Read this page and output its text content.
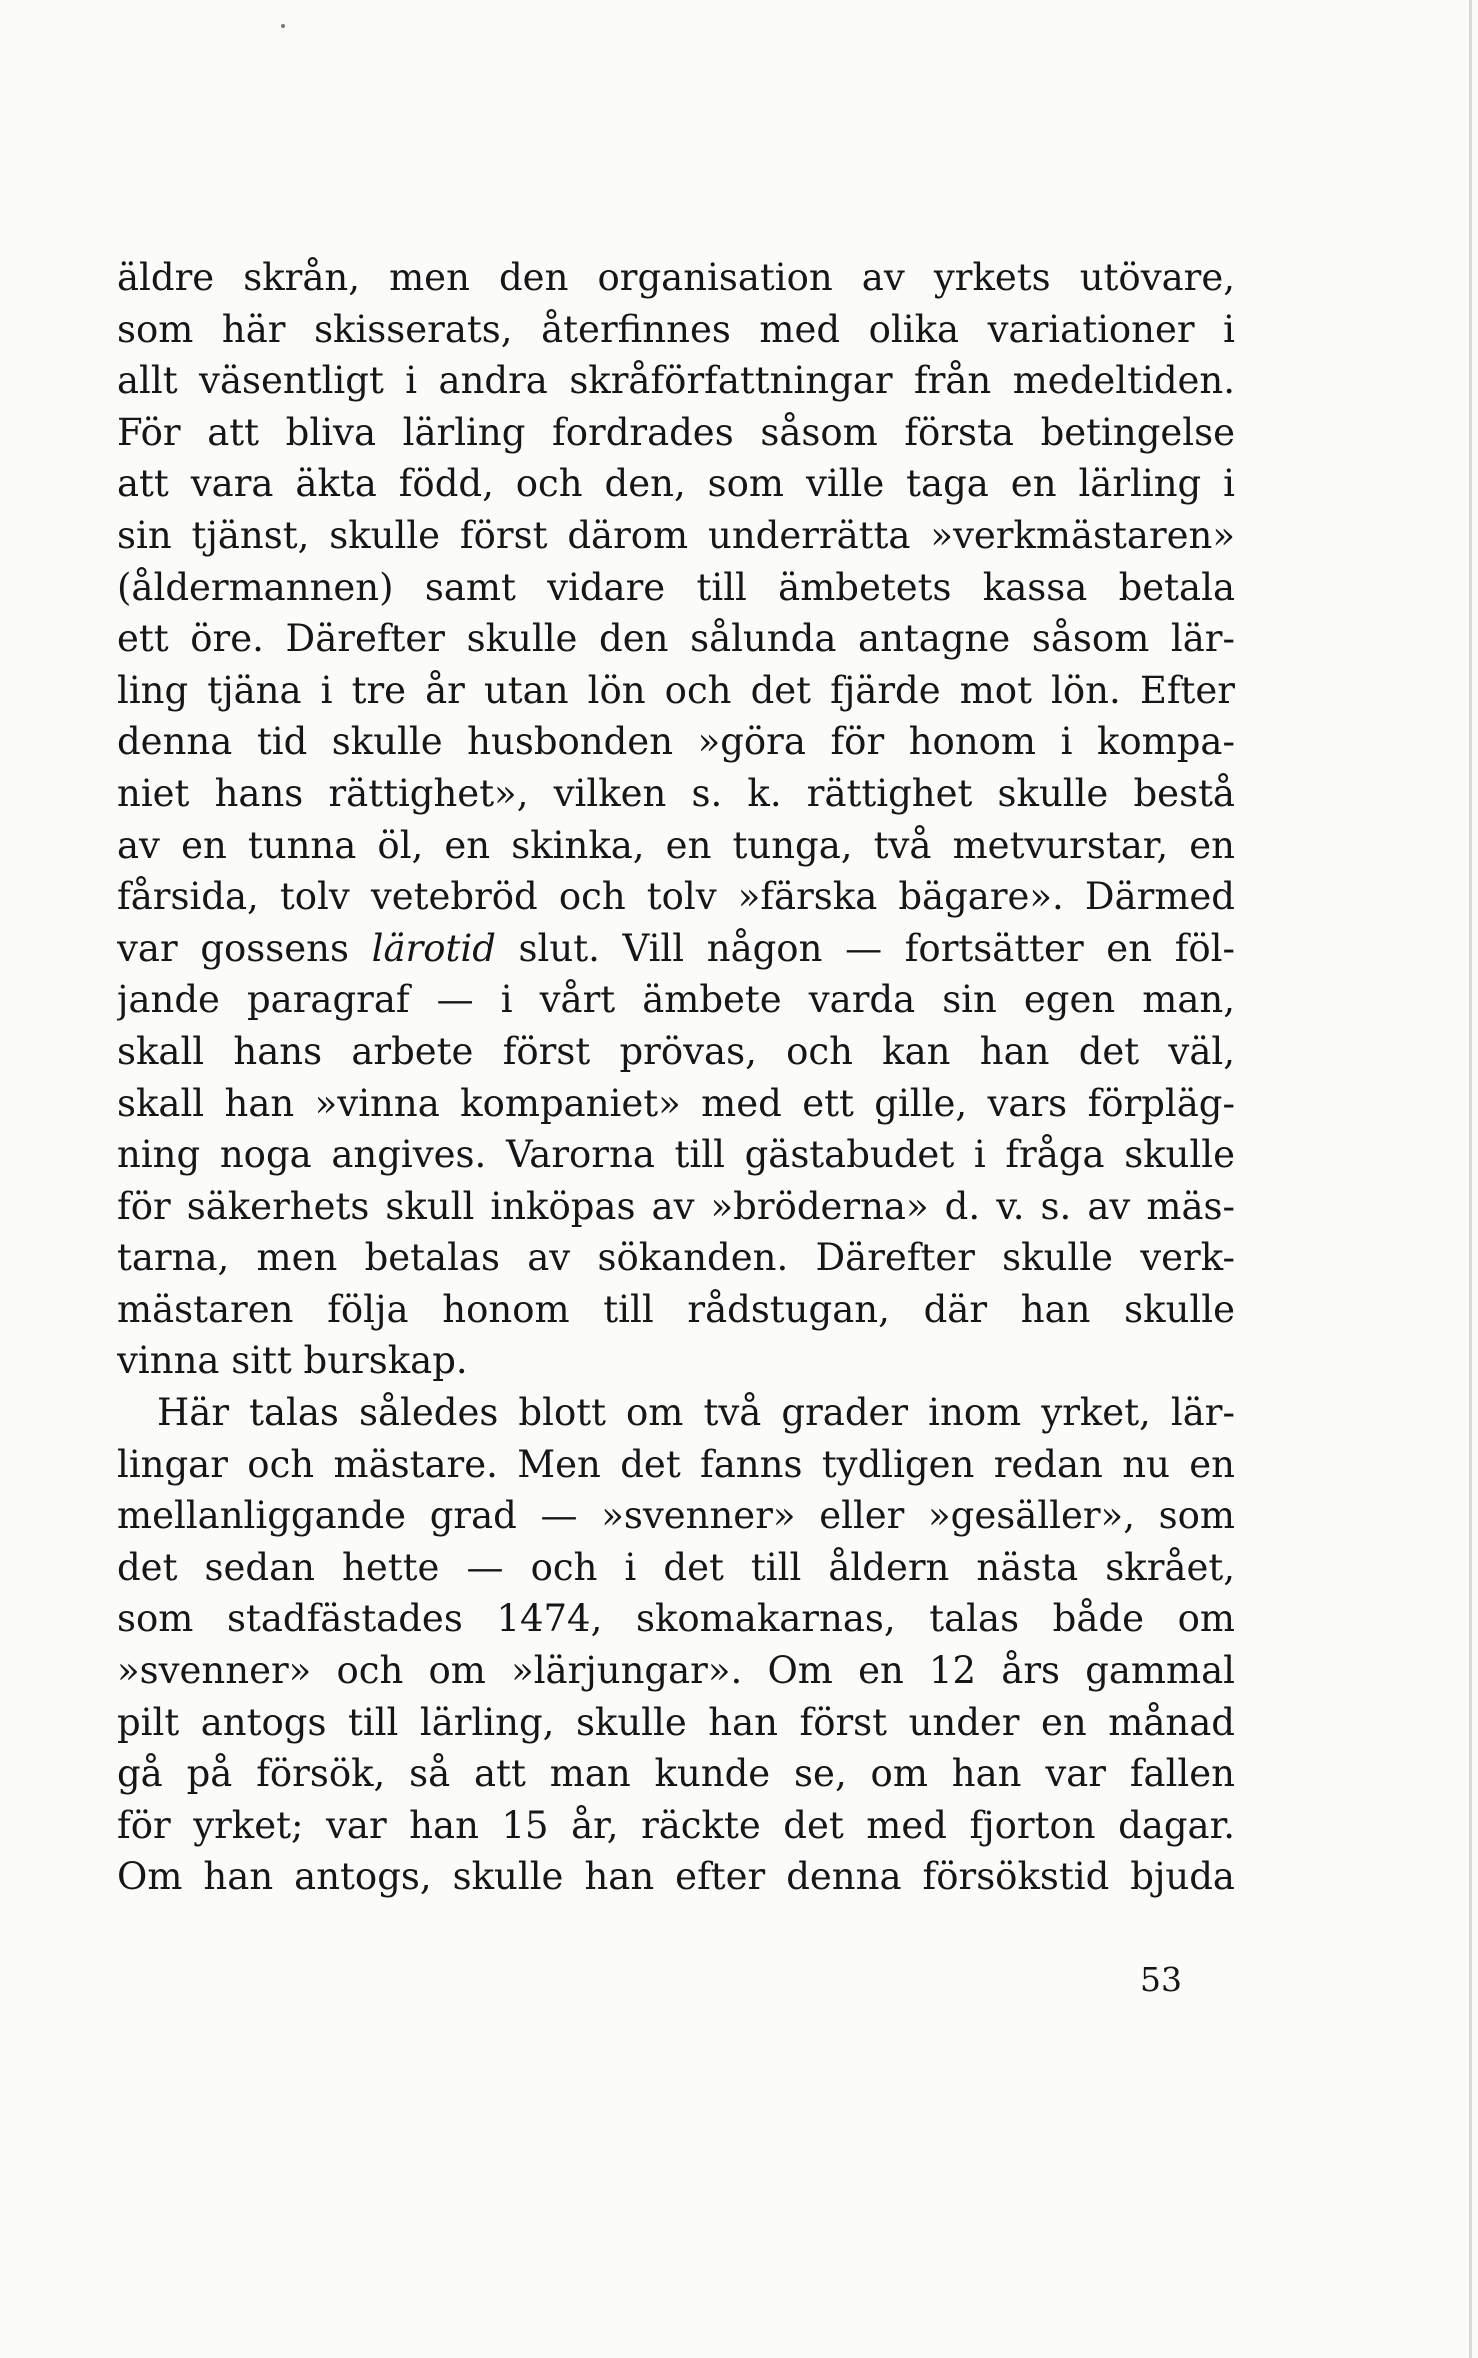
äldre skrån, men den organisation av yrkets utövare,
som här skisserats, återfinnes med olika variationer i
allt väsentligt i andra skråförfattningar från medeltiden.
För att bliva lärling fordrades såsom första betingelse
att vara äkta född, och den, som ville taga en lärling i
sin tjänst, skulle först därom underrätta »verkmästaren»
(åldermannen) samt vidare till ämbetets kassa betala
ett öre. Därefter skulle den sålunda antagne såsom lär-
ling tjäna i tre år utan lön och det fjärde mot lön. Efter
denna tid skulle husbonden »göra för honom i kompa-
niet hans rättighet», vilken s. k. rättighet skulle bestå
av en tunna öl, en skinka, en tunga, två metvurstar, en
fårsida, tolv vetebröd och tolv »färska bägare». Därmed
var gossens lärotid slut. Vill någon — fortsätter en föl-
jande paragraf — i vårt ämbete varda sin egen man,
skall hans arbete först prövas, och kan han det väl,
skall han »vinna kompaniet» med ett gille, vars förpläg-
ning noga angives. Varorna till gästabudet i fråga skulle
för säkerhets skull inköpas av »bröderna» d. v. s. av mäs-
tarna, men betalas av sökanden. Därefter skulle verk-
mästaren följa honom till rådstugan, där han skulle
vinna sitt burskap.
Här talas således blott om två grader inom yrket, lär-
lingar och mästare. Men det fanns tydligen redan nu en
mellanliggande grad — »svenner» eller »gesäller», som
det sedan hette — och i det till åldern nästa skrået,
som stadfästades 1474, skomakarnas, talas både om
»svenner» och om »lärjungar». Om en 12 års gammal
pilt antogs till lärling, skulle han först under en månad
gå på försök, så att man kunde se, om han var fallen
för yrket; var han 15 år, räckte det med fjorton dagar.
Om han antogs, skulle han efter denna försökstid bjuda
53
